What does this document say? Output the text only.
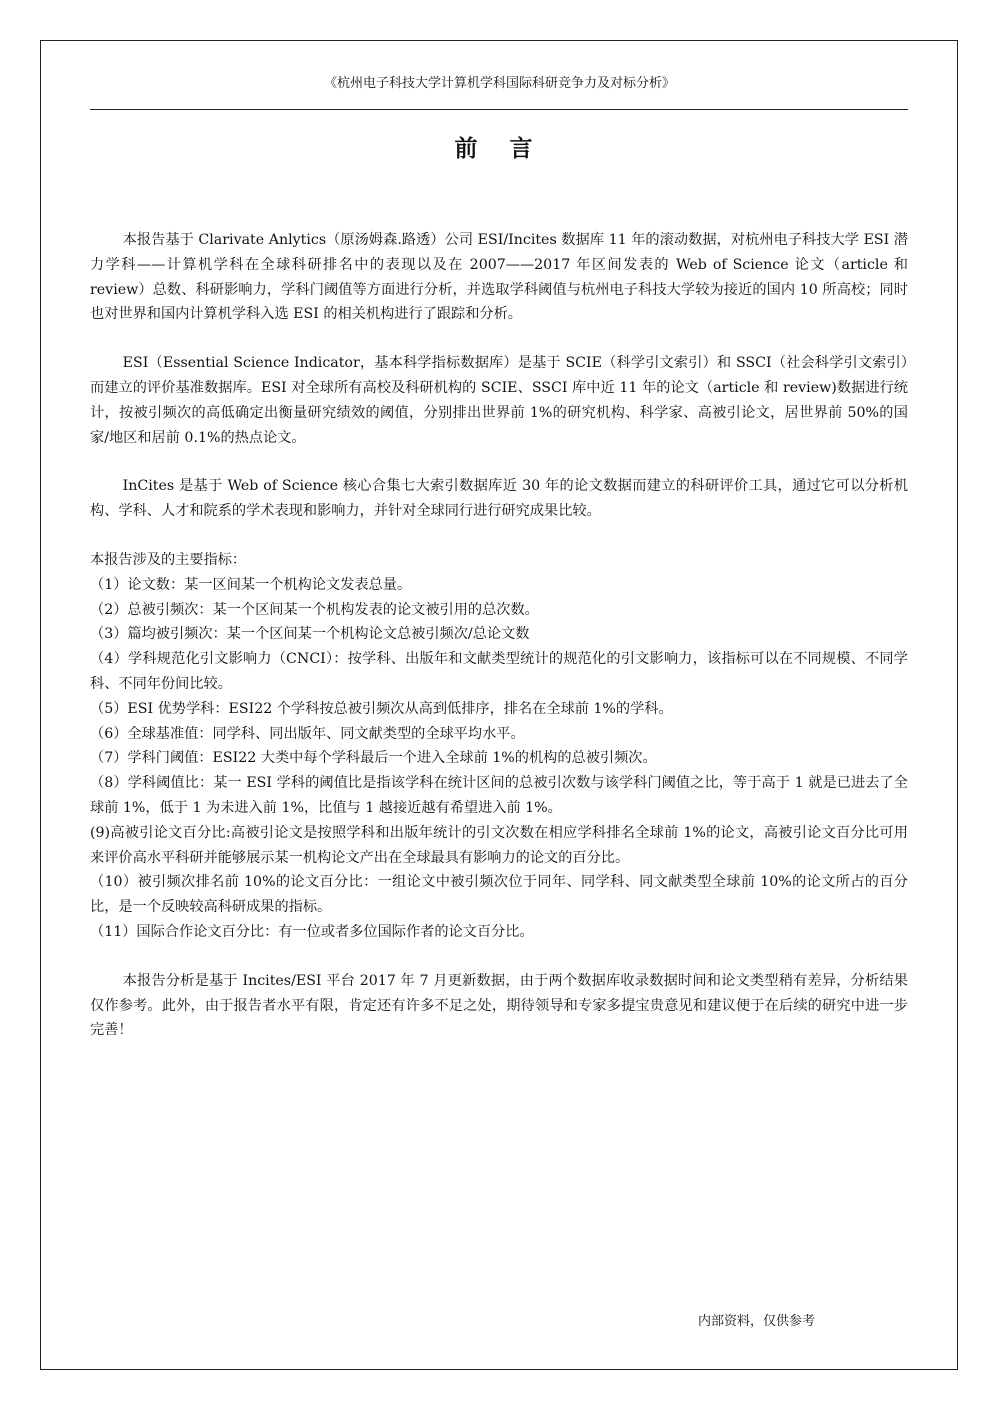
《杭州电子科技大学计算机学科国际科研竞争力及对标分析》
前 言

本报告基于 Clarivate Anlytics（原汤姆森.路透）公司 ESI/Incites 数据库 11 年的滚动数据，对杭州电子科技大学 ESI 潜力学科——计算机学科在全球科研排名中的表现以及在 2007——2017 年区间发表的 Web of Science 论文（article 和 review）总数、科研影响力，学科门阈值等方面进行分析，并选取学科阈值与杭州电子科技大学较为接近的国内 10 所高校；同时也对世界和国内计算机学科入选 ESI 的相关机构进行了跟踪和分析。

ESI（Essential Science Indicator，基本科学指标数据库）是基于 SCIE（科学引文索引）和 SSCI（社会科学引文索引）而建立的评价基准数据库。ESI 对全球所有高校及科研机构的 SCIE、SSCI 库中近 11 年的论文（article 和 review)数据进行统计，按被引频次的高低确定出衡量研究绩效的阈值，分别排出世界前 1%的研究机构、科学家、高被引论文，居世界前 50%的国家/地区和居前 0.1%的热点论文。

InCites 是基于 Web of Science 核心合集七大索引数据库近 30 年的论文数据而建立的科研评价工具，通过它可以分析机构、学科、人才和院系的学术表现和影响力，并针对全球同行进行研究成果比较。

本报告涉及的主要指标：

（1）论文数：某一区间某一个机构论文发表总量。

（2）总被引频次：某一个区间某一个机构发表的论文被引用的总次数。

（3）篇均被引频次：某一个区间某一个机构论文总被引频次/总论文数

（4）学科规范化引文影响力（CNCI）：按学科、出版年和文献类型统计的规范化的引文影响力，该指标可以在不同规模、不同学科、不同年份间比较。

（5）ESI 优势学科：ESI22 个学科按总被引频次从高到低排序，排名在全球前 1%的学科。

（6）全球基准值：同学科、同出版年、同文献类型的全球平均水平。

（7）学科门阈值：ESI22 大类中每个学科最后一个进入全球前 1%的机构的总被引频次。

（8）学科阈值比：某一 ESI 学科的阈值比是指该学科在统计区间的总被引次数与该学科门阈值之比，等于高于 1 就是已进去了全球前 1%，低于 1 为未进入前 1%，比值与 1 越接近越有希望进入前 1%。

(9)高被引论文百分比:高被引论文是按照学科和出版年统计的引文次数在相应学科排名全球前 1%的论文，高被引论文百分比可用来评价高水平科研并能够展示某一机构论文产出在全球最具有影响力的论文的百分比。

（10）被引频次排名前 10%的论文百分比：一组论文中被引频次位于同年、同学科、同文献类型全球前 10%的论文所占的百分比，是一个反映较高科研成果的指标。

（11）国际合作论文百分比：有一位或者多位国际作者的论文百分比。

本报告分析是基于 Incites/ESI 平台 2017 年 7 月更新数据，由于两个数据库收录数据时间和论文类型稍有差异，分析结果仅作参考。此外，由于报告者水平有限，肯定还有许多不足之处，期待领导和专家多提宝贵意见和建议便于在后续的研究中进一步完善！

内部资料，仅供参考
